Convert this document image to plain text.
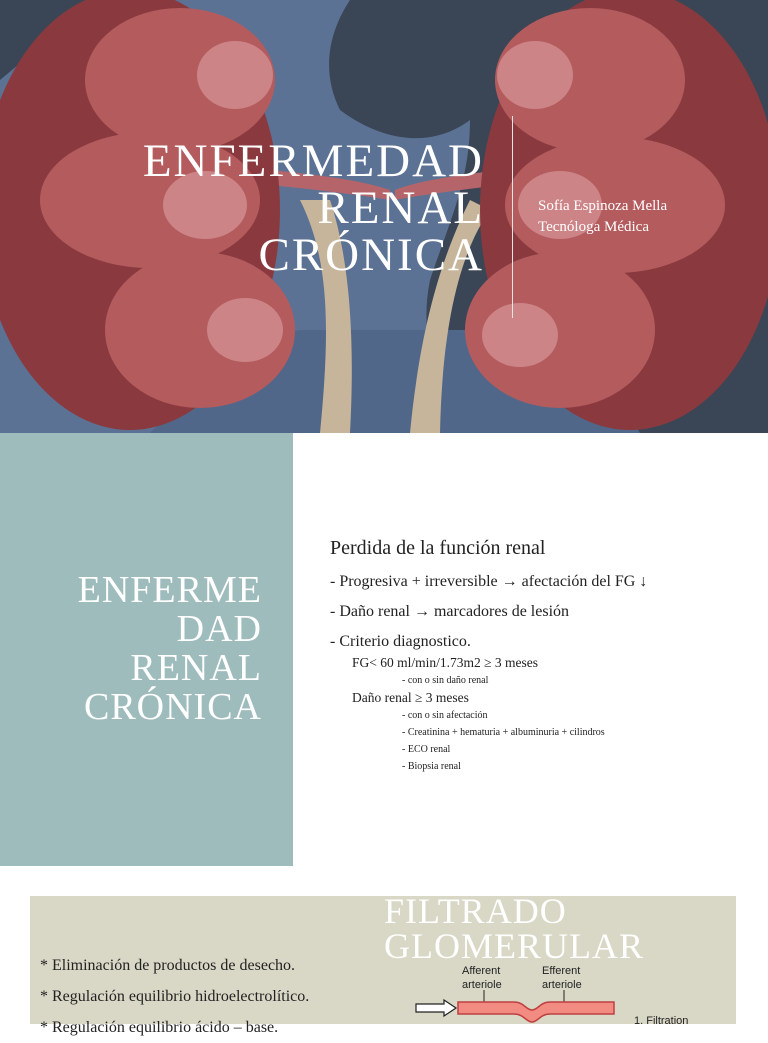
ENFERMEDAD
RENAL
CRÓNICA
Sofía Espinoza Mella
Tecnóloga Médica
ENFERME
DAD
RENAL
CRÓNICA
Perdida de la función renal
- Progresiva + irreversible → afectación del FG ↓
- Daño renal → marcadores de lesión
- Criterio diagnostico.
FG< 60 ml/min/1.73m2 ≥ 3 meses
- con o sin daño renal
Daño renal ≥ 3 meses
- con o sin afectación
- Creatinina + hematuria + albuminuria + cilindros
- ECO renal
- Biopsia renal
FILTRADO
GLOMERULAR
* Eliminación de productos de desecho.
* Regulación equilibrio hidroelectrolítico.
* Regulación equilibrio ácido – base.
Afferent
arteriole
Efferent
arteriole
1. Filtration
